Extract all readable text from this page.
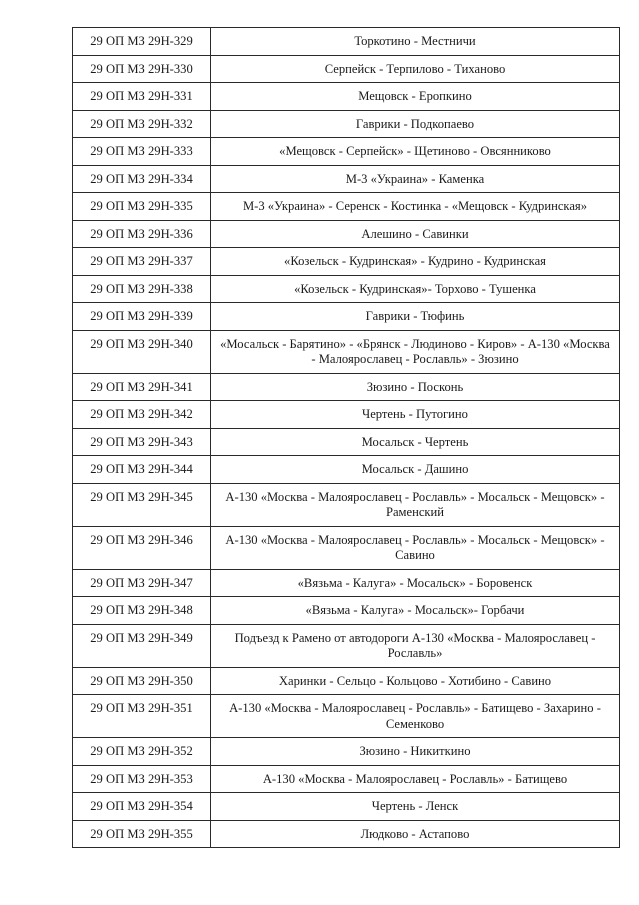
29 ОП МЗ 29Н-329	Торкотино - Местничи
29 ОП МЗ 29Н-330	Серпейск - Терпилово - Тиханово
29 ОП МЗ 29Н-331	Мещовск - Еропкино
29 ОП МЗ 29Н-332	Гаврики - Подкопаево
29 ОП МЗ 29Н-333	«Мещовск - Серпейск» - Щетиново - Овсянниково
29 ОП МЗ 29Н-334	М-3 «Украина» - Каменка
29 ОП МЗ 29Н-335	М-3 «Украина» - Серенск - Костинка - «Мещовск - Кудринская»
29 ОП МЗ 29Н-336	Алешино - Савинки
29 ОП МЗ 29Н-337	«Козельск - Кудринская» - Кудрино - Кудринская
29 ОП МЗ 29Н-338	«Козельск - Кудринская»- Торхово - Тушенка
29 ОП МЗ 29Н-339	Гаврики - Тюфинь
29 ОП МЗ 29Н-340	«Мосальск - Барятино» - «Брянск - Людиново - Киров» - А-130 «Москва - Малоярославец - Рославль» - Зюзино
29 ОП МЗ 29Н-341	Зюзино - Посконь
29 ОП МЗ 29Н-342	Чертень - Путогино
29 ОП МЗ 29Н-343	Мосальск - Чертень
29 ОП МЗ 29Н-344	Мосальск - Дашино
29 ОП МЗ 29Н-345	А-130 «Москва - Малоярославец - Рославль» - Мосальск - Мещовск» - Раменский
29 ОП МЗ 29Н-346	А-130 «Москва - Малоярославец - Рославль» - Мосальск - Мещовск» - Савино
29 ОП МЗ 29Н-347	«Вязьма - Калуга» - Мосальск» - Боровенск
29 ОП МЗ 29Н-348	«Вязьма - Калуга» - Мосальск»- Горбачи
29 ОП МЗ 29Н-349	Подъезд к Рамено от автодороги А-130 «Москва - Малоярославец - Рославль»
29 ОП МЗ 29Н-350	Харинки - Сельцо - Кольцово - Хотибино - Савино
29 ОП МЗ 29Н-351	А-130 «Москва - Малоярославец - Рославль» - Батищево - Захарино - Семенково
29 ОП МЗ 29Н-352	Зюзино - Никиткино
29 ОП МЗ 29Н-353	А-130 «Москва - Малоярославец - Рославль» - Батищево
29 ОП МЗ 29Н-354	Чертень - Ленск
29 ОП МЗ 29Н-355	Людково - Астапово
